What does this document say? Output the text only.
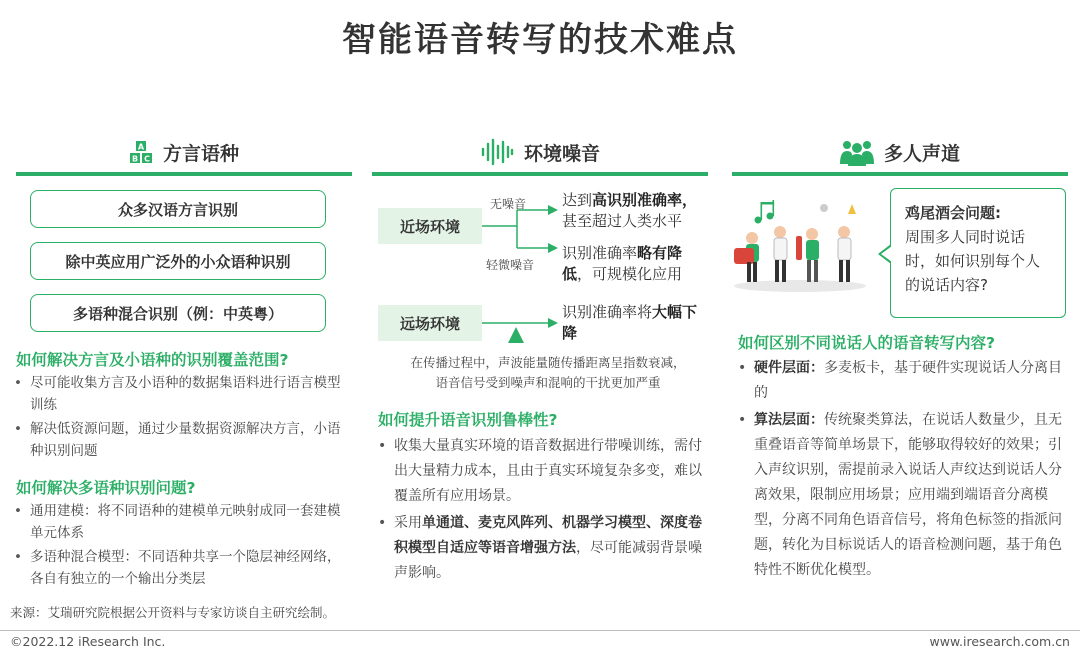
智能语音转写的技术难点
A
B C 方言语种	环境噪音	多人声道
众多汉语方言识别
除中英应用广泛外的小众语种识别
多语种混合识别（例：中英粤）
如何解决方言及小语种的识别覆盖范围?
• 尽可能收集方言及小语种的数据集语料进行语言模型训练
• 解决低资源问题，通过少量数据资源解决方言，小语种识别问题
如何解决多语种识别问题?
• 通用建模：将不同语种的建模单元映射成同一套建模单元体系
• 多语种混合模型：不同语种共享一个隐层神经网络，各自有独立的一个输出分类层
近场环境
远场环境
无噪音
轻微噪音
达到高识别准确率，甚至超过人类水平
识别准确率略有降低，可规模化应用
识别准确率将大幅下降
在传播过程中，声波能量随传播距离呈指数衰减，
语音信号受到噪声和混响的干扰更加严重
如何提升语音识别鲁棒性?
• 收集大量真实环境的语音数据进行带噪训练，需付出大量精力成本，且由于真实环境复杂多变，难以覆盖所有应用场景。
• 采用单通道、麦克风阵列、机器学习模型、深度卷积模型自适应等语音增强方法，尽可能减弱背景噪声影响。
鸡尾酒会问题:
周围多人同时说话时，如何识别每个人的说话内容?
如何区别不同说话人的语音转写内容?
• 硬件层面：多麦板卡，基于硬件实现说话人分离目的
• 算法层面：传统聚类算法，在说话人数量少，且无重叠语音等简单场景下，能够取得较好的效果；引入声纹识别，需提前录入说话人声纹达到说话人分离效果，限制应用场景；应用端到端语音分离模型，分离不同角色语音信号，将角色标签的指派问题，转化为目标说话人的语音检测问题，基于角色特性不断优化模型。
来源：艾瑞研究院根据公开资料与专家访谈自主研究绘制。
©2022.12 iResearch Inc.	www.iresearch.com.cn
